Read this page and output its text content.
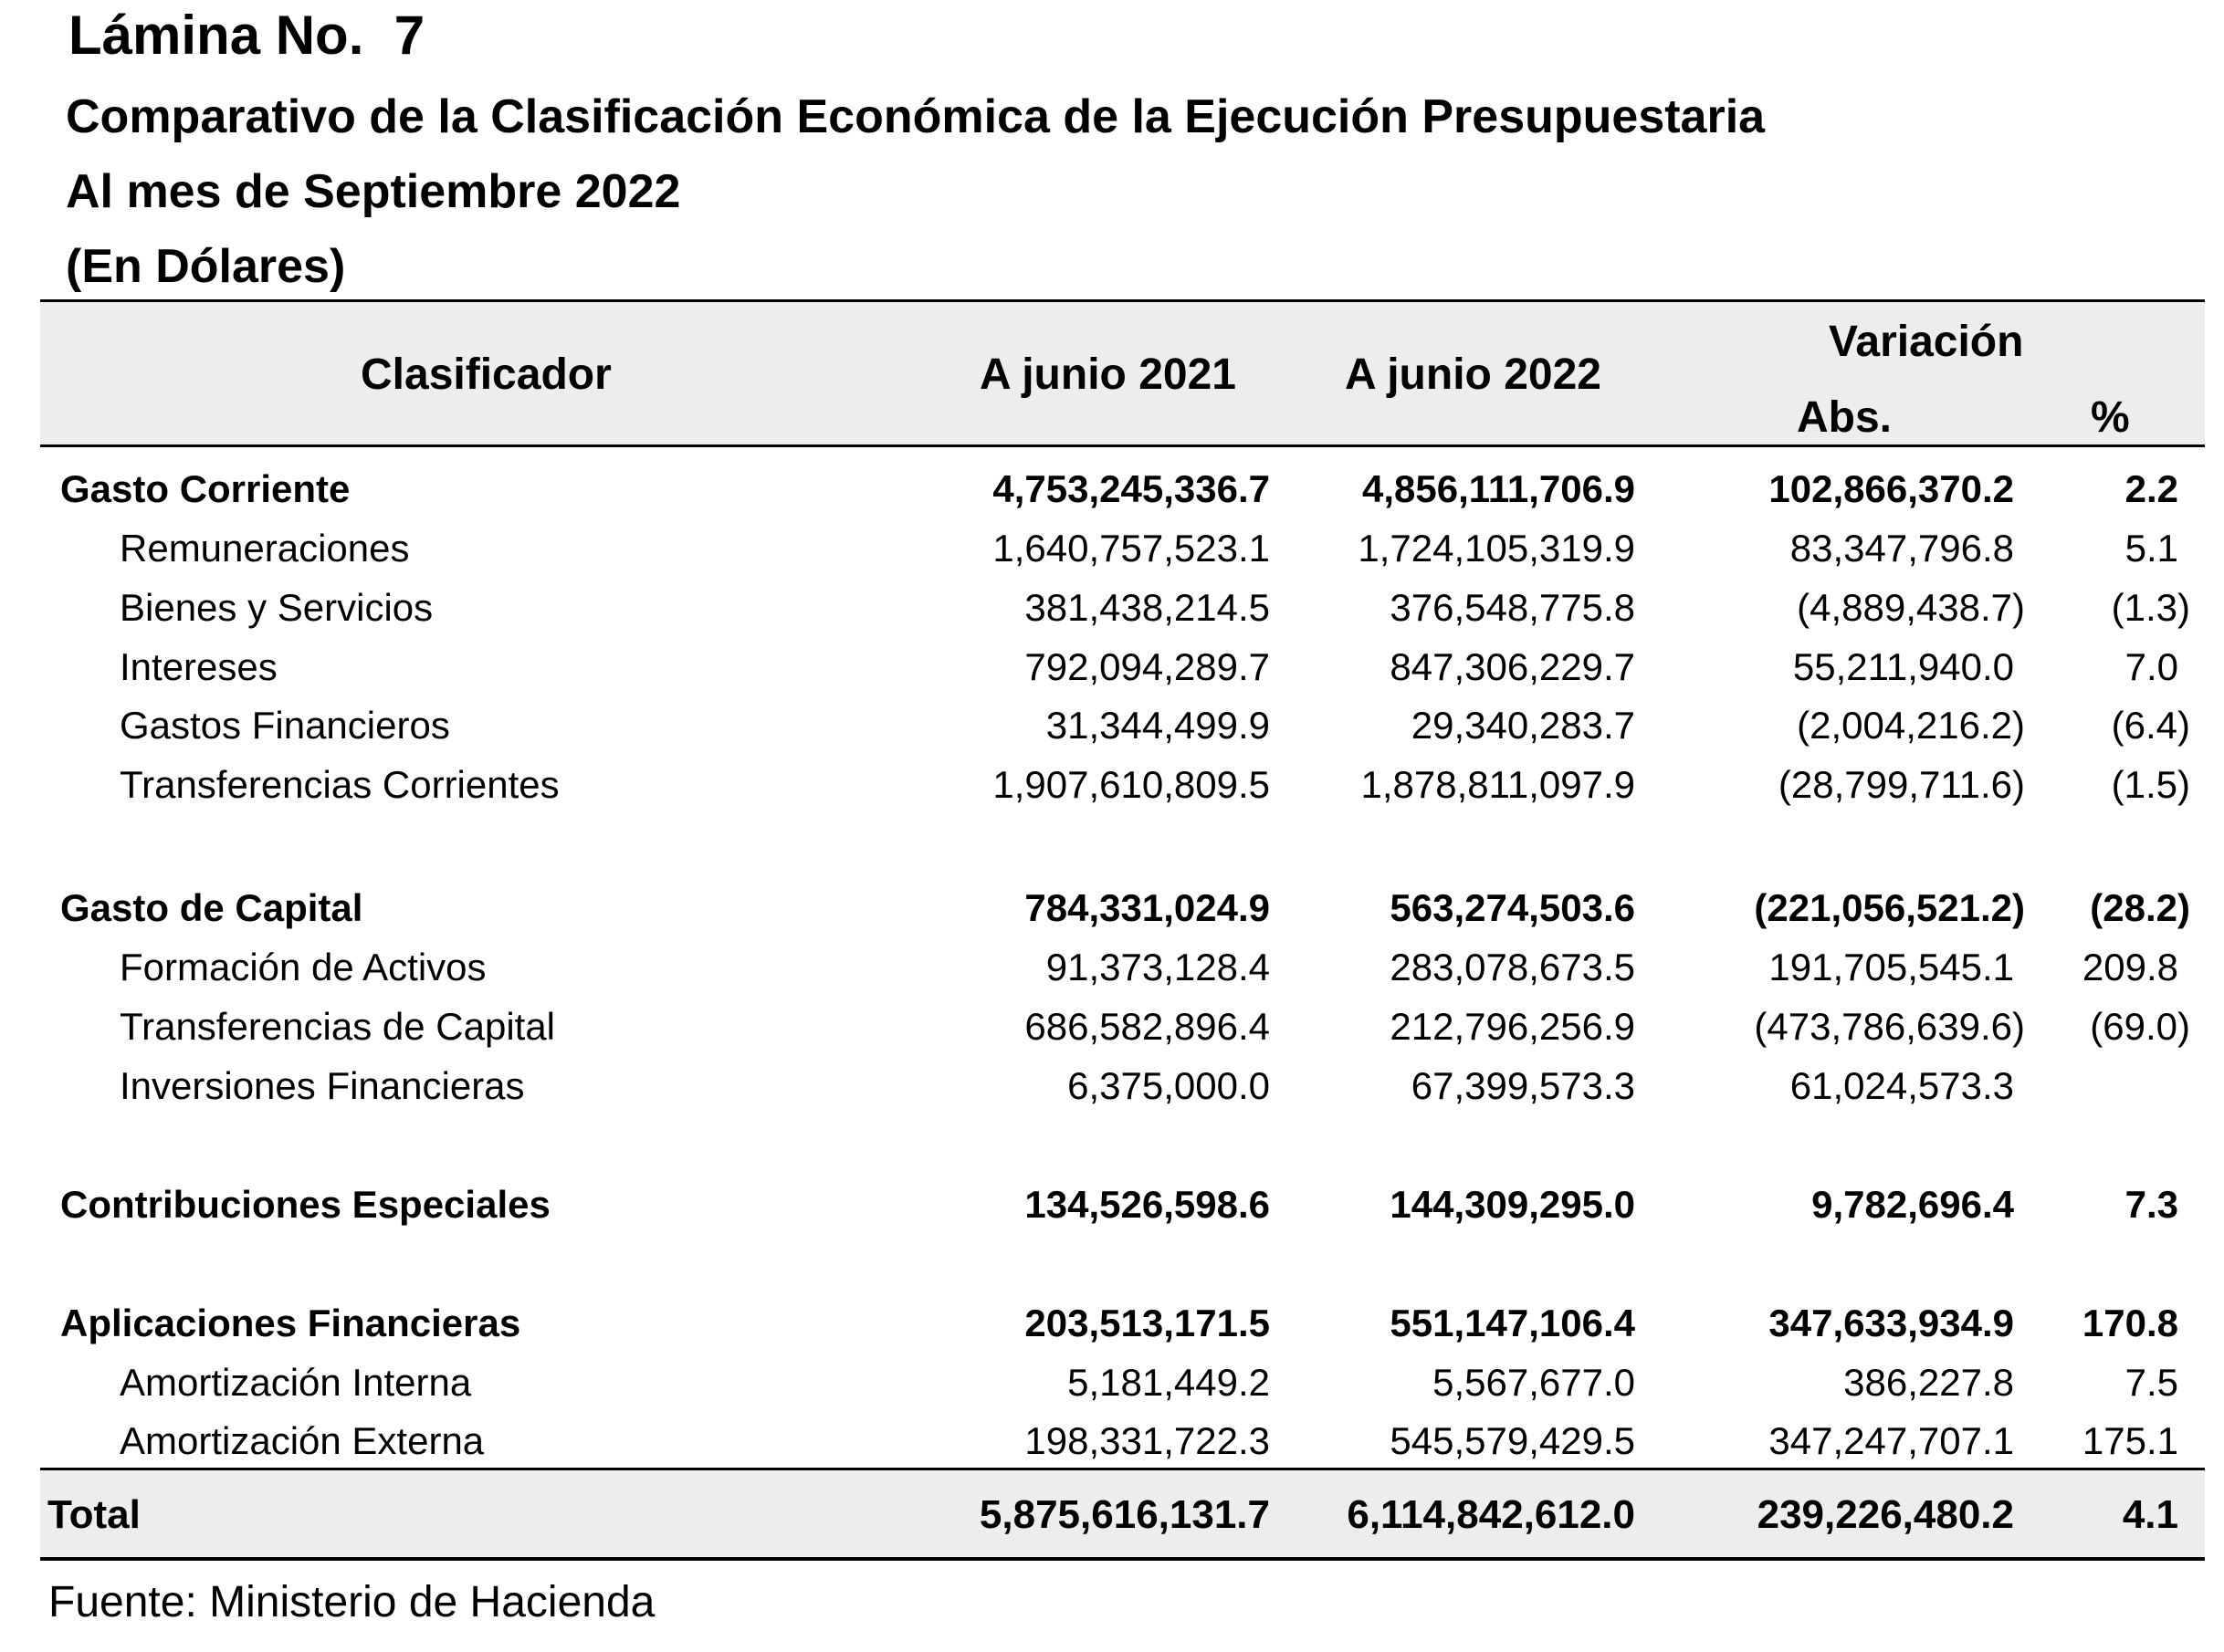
Lámina No.  7
Comparativo de la Clasificación Económica de la Ejecución Presupuestaria
Al mes de Septiembre 2022
(En Dólares)
Clasificador	A junio 2021 A junio 2022
Variación
Abs.	%
Gasto Corriente	4,753,245,336.7 4,856,111,706.9	102,866,370.2	2.2
Remuneraciones	1,640,757,523.1 1,724,105,319.9	83,347,796.8	5.1
Bienes y Servicios	381,438,214.5	376,548,775.8	(4,889,438.7) (1.3)
Intereses	792,094,289.7	847,306,229.7	55,211,940.0	7.0
Gastos Financieros	31,344,499.9	29,340,283.7	(2,004,216.2) (6.4)
Transferencias Corrientes	1,907,610,809.5 1,878,811,097.9	(28,799,711.6) (1.5)
Gasto de Capital	784,331,024.9	563,274,503.6	(221,056,521.2) (28.2)
Formación de Activos	91,373,128.4	283,078,673.5	191,705,545.1 209.8
Transferencias de Capital	686,582,896.4	212,796,256.9	(473,786,639.6) (69.0)
Inversiones Financieras	6,375,000.0	67,399,573.3	61,024,573.3
Contribuciones Especiales	134,526,598.6	144,309,295.0	9,782,696.4	7.3
Aplicaciones Financieras	203,513,171.5	551,147,106.4	347,633,934.9 170.8
Amortización Interna	5,181,449.2	5,567,677.0	386,227.8	7.5
Amortización Externa	198,331,722.3	545,579,429.5	347,247,707.1 175.1
Total	5,875,616,131.7 6,114,842,612.0	239,226,480.2	4.1
Fuente: Ministerio de Hacienda
